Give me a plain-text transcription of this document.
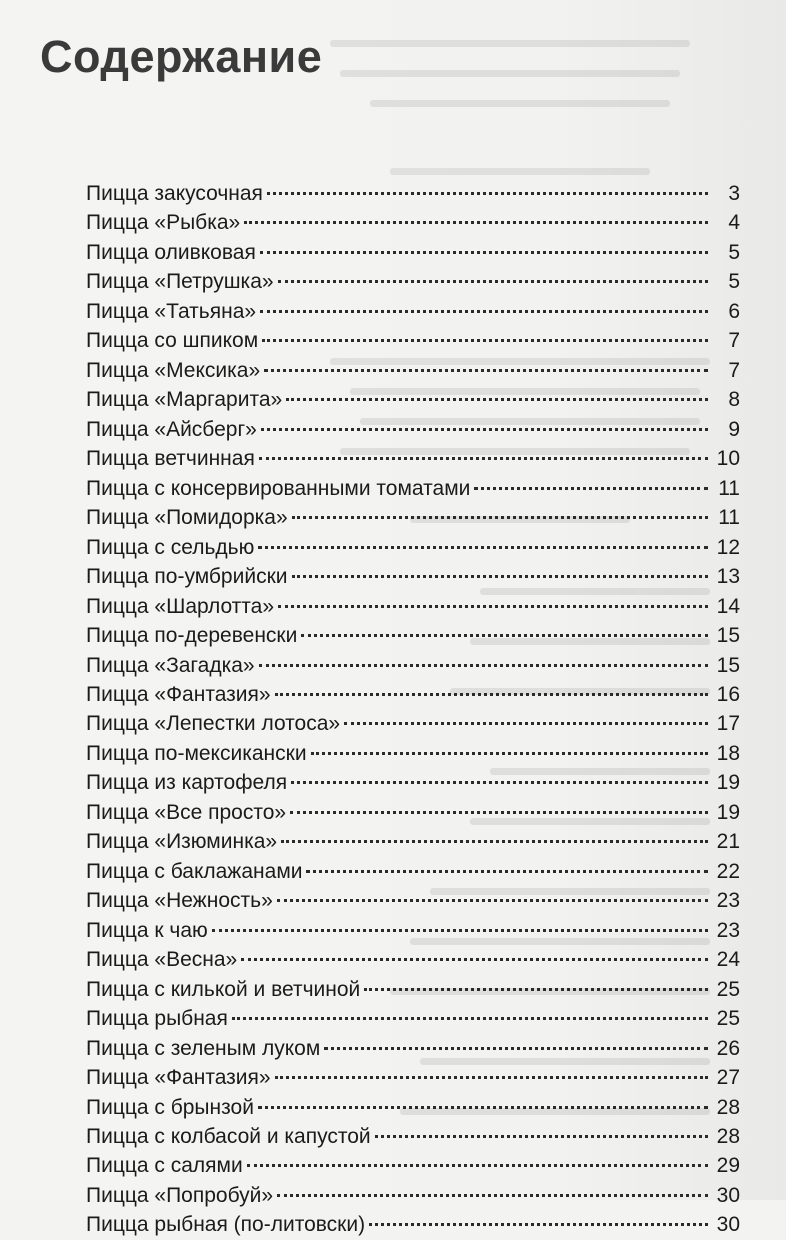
Содержание
Пицца закусочная	3
Пицца «Рыбка»	4
Пицца оливковая	5
Пицца «Петрушка»	5
Пицца «Татьяна»	6
Пицца со шпиком	7
Пицца «Мексика»	7
Пицца «Маргарита»	8
Пицца «Айсберг»	9
Пицца ветчинная	10
Пицца с консервированными томатами	11
Пицца «Помидорка»	11
Пицца с сельдью	12
Пицца по-умбрийски	13
Пицца «Шарлотта»	14
Пицца по-деревенски	15
Пицца «Загадка»	15
Пицца «Фантазия»	16
Пицца «Лепестки лотоса»	17
Пицца по-мексикански	18
Пицца из картофеля	19
Пицца «Все просто»	19
Пицца «Изюминка»	21
Пицца с баклажанами	22
Пицца «Нежность»	23
Пицца к чаю	23
Пицца «Весна»	24
Пицца с килькой и ветчиной	25
Пицца рыбная	25
Пицца с зеленым луком	26
Пицца «Фантазия»	27
Пицца с брынзой	28
Пицца с колбасой и капустой	28
Пицца с салями	29
Пицца «Попробуй»	30
Пицца рыбная (по-литовски)	30
